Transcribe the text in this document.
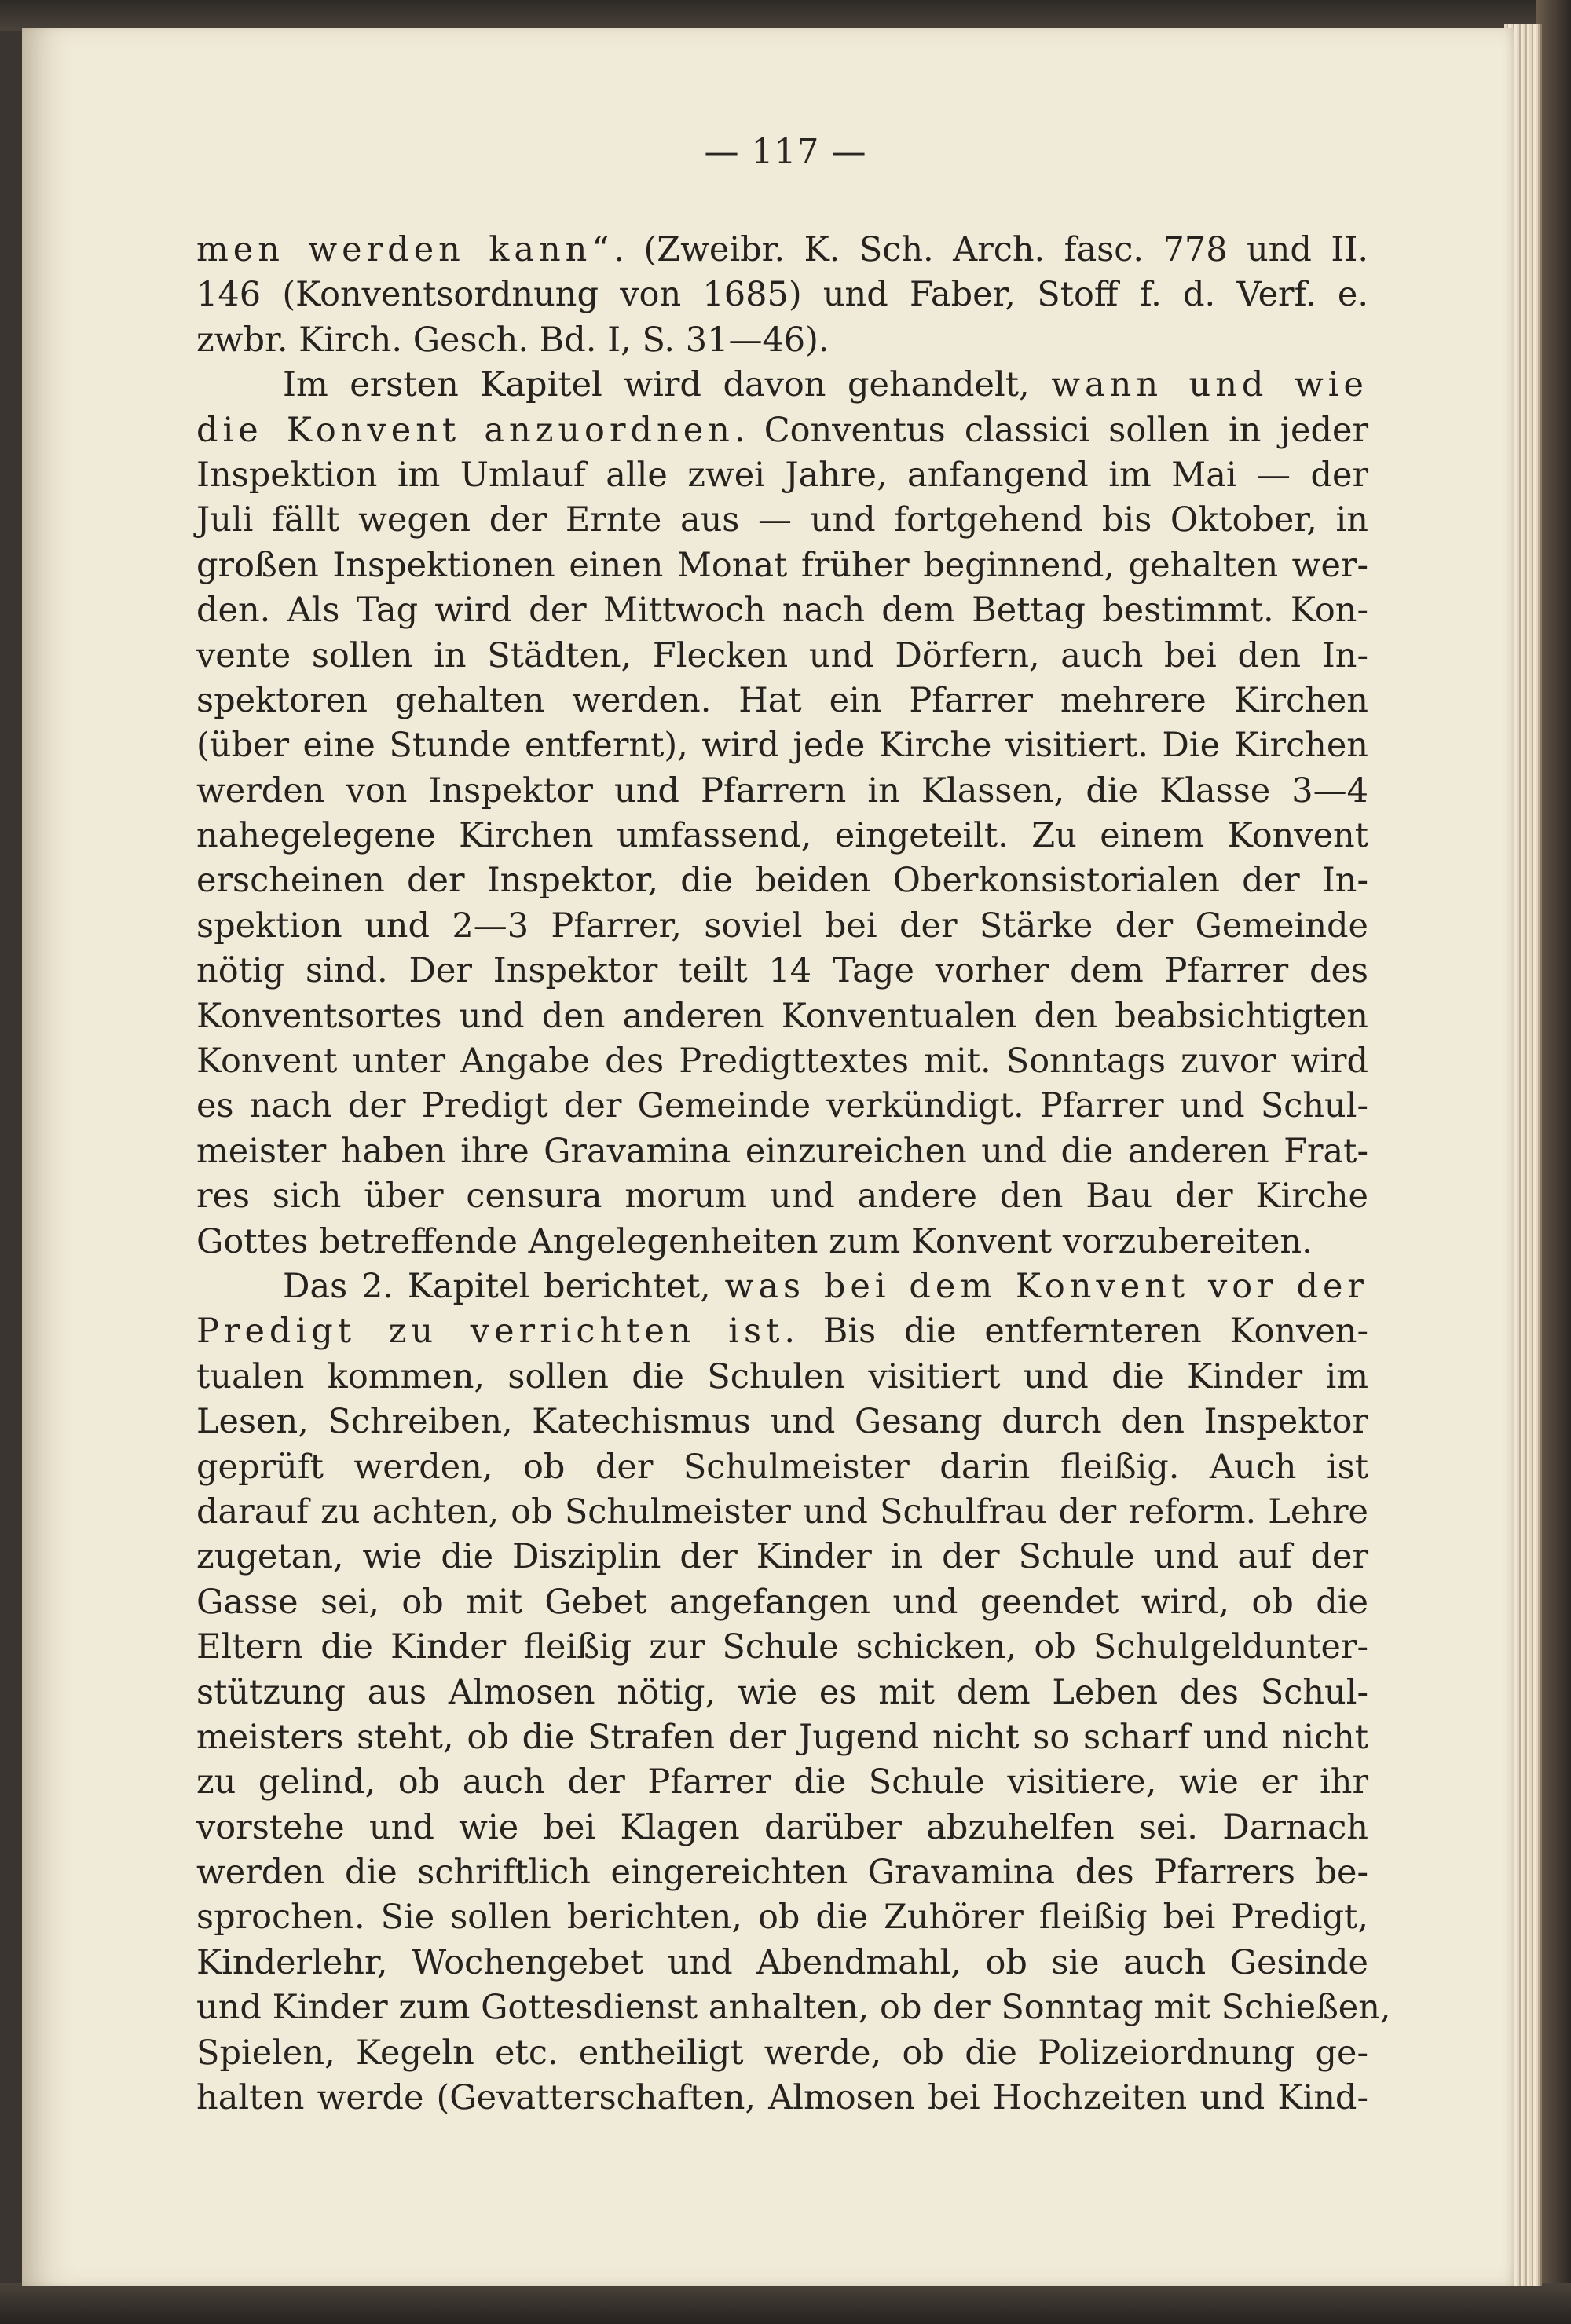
— 117 —
men werden kann“. (Zweibr. K. Sch. Arch. fasc. 778 und II.
146 (Konventsordnung von 1685) und Faber, Stoff f. d. Verf. e.
zwbr. Kirch. Gesch. Bd. I, S. 31—46).
Im ersten Kapitel wird davon gehandelt, wann und wie
die Konvent anzuordnen. Conventus classici sollen in jeder
Inspektion im Umlauf alle zwei Jahre, anfangend im Mai — der
Juli fällt wegen der Ernte aus — und fortgehend bis Oktober, in
großen Inspektionen einen Monat früher beginnend, gehalten wer-
den. Als Tag wird der Mittwoch nach dem Bettag bestimmt. Kon-
vente sollen in Städten, Flecken und Dörfern, auch bei den In-
spektoren gehalten werden. Hat ein Pfarrer mehrere Kirchen
(über eine Stunde entfernt), wird jede Kirche visitiert. Die Kirchen
werden von Inspektor und Pfarrern in Klassen, die Klasse 3—4
nahegelegene Kirchen umfassend, eingeteilt. Zu einem Konvent
erscheinen der Inspektor, die beiden Oberkonsistorialen der In-
spektion und 2—3 Pfarrer, soviel bei der Stärke der Gemeinde
nötig sind. Der Inspektor teilt 14 Tage vorher dem Pfarrer des
Konventsortes und den anderen Konventualen den beabsichtigten
Konvent unter Angabe des Predigttextes mit. Sonntags zuvor wird
es nach der Predigt der Gemeinde verkündigt. Pfarrer und Schul-
meister haben ihre Gravamina einzureichen und die anderen Frat-
res sich über censura morum und andere den Bau der Kirche
Gottes betreffende Angelegenheiten zum Konvent vorzubereiten.
Das 2. Kapitel berichtet, was bei dem Konvent vor der
Predigt zu verrichten ist. Bis die entfernteren Konven-
tualen kommen, sollen die Schulen visitiert und die Kinder im
Lesen, Schreiben, Katechismus und Gesang durch den Inspektor
geprüft werden, ob der Schulmeister darin fleißig. Auch ist
darauf zu achten, ob Schulmeister und Schulfrau der reform. Lehre
zugetan, wie die Disziplin der Kinder in der Schule und auf der
Gasse sei, ob mit Gebet angefangen und geendet wird, ob die
Eltern die Kinder fleißig zur Schule schicken, ob Schulgeldunter-
stützung aus Almosen nötig, wie es mit dem Leben des Schul-
meisters steht, ob die Strafen der Jugend nicht so scharf und nicht
zu gelind, ob auch der Pfarrer die Schule visitiere, wie er ihr
vorstehe und wie bei Klagen darüber abzuhelfen sei. Darnach
werden die schriftlich eingereichten Gravamina des Pfarrers be-
sprochen. Sie sollen berichten, ob die Zuhörer fleißig bei Predigt,
Kinderlehr, Wochengebet und Abendmahl, ob sie auch Gesinde
und Kinder zum Gottesdienst anhalten, ob der Sonntag mit Schießen,
Spielen, Kegeln etc. entheiligt werde, ob die Polizeiordnung ge-
halten werde (Gevatterschaften, Almosen bei Hochzeiten und Kind-
